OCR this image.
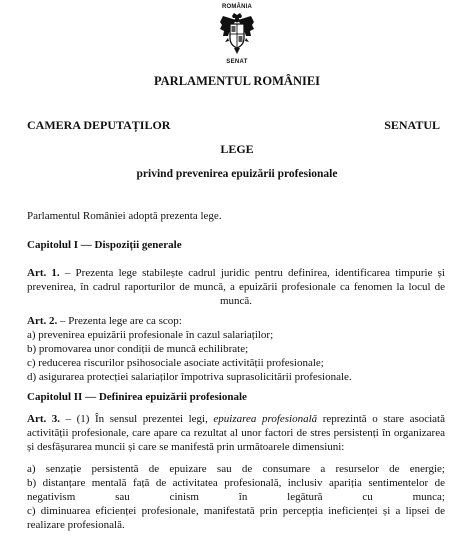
ROMÂNIA
SENAT
PARLAMENTUL ROMÂNIEI
CAMERA DEPUTAȚILOR	SENATUL
LEGE
privind prevenirea epuizării profesionale
Parlamentul României adoptă prezenta lege.
Capitolul I — Dispoziții generale
Art. 1. – Prezenta lege stabilește cadrul juridic pentru definirea, identificarea timpurie și
prevenirea, în cadrul raporturilor de muncă, a epuizării profesionale ca fenomen la locul de
muncă.
Art. 2. – Prezenta lege are ca scop:
a) prevenirea epuizării profesionale în cazul salariaților;
b) promovarea unor condiții de muncă echilibrate;
c) reducerea riscurilor psihosociale asociate activității profesionale;
d) asigurarea protecției salariaților împotriva suprasolicitării profesionale.
Capitolul II — Definirea epuizării profesionale
Art. 3. – (1) În sensul prezentei legi, epuizarea profesională reprezintă o stare asociată
activității profesionale, care apare ca rezultat al unor factori de stres persistenți în organizarea
și desfășurarea muncii și care se manifestă prin următoarele dimensiuni:
a) senzație persistentă de epuizare sau de consumare a resurselor de energie;
b) distanțare mentală față de activitatea profesională, inclusiv apariția sentimentelor de
negativism sau cinism în legătură cu munca;
c) diminuarea eficienței profesionale, manifestată prin percepția ineficienței și a lipsei de
realizare profesională.
